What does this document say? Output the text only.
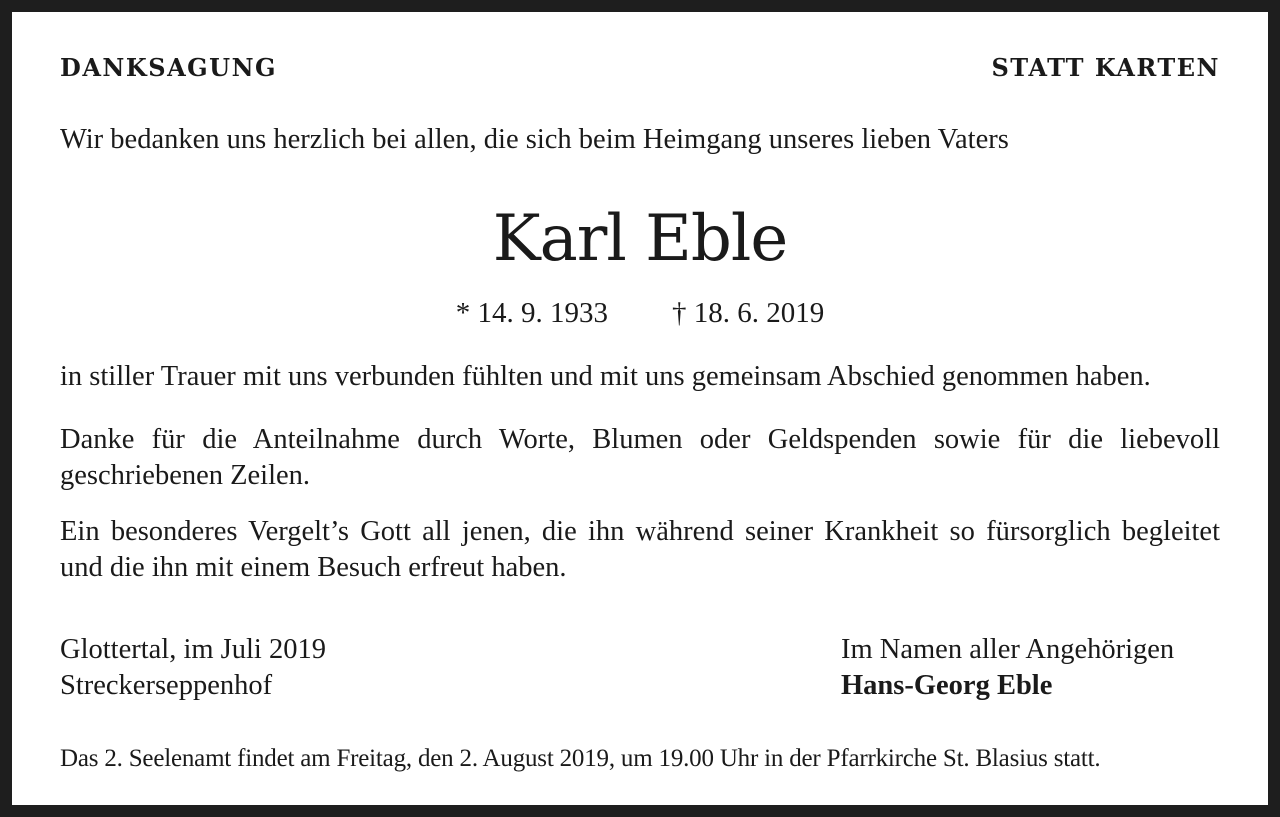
DANKSAGUNG	STATT KARTEN
Wir bedanken uns herzlich bei allen, die sich beim Heimgang unseres lieben Vaters
Karl Eble
* 14. 9. 1933 † 18. 6. 2019
in stiller Trauer mit uns verbunden fühlten und mit uns gemeinsam Abschied genommen haben.
Danke für die Anteilnahme durch Worte, Blumen oder Geldspenden sowie für die liebevoll
geschriebenen Zeilen.
Ein besonderes Vergelt’s Gott all jenen, die ihn während seiner Krankheit so fürsorglich begleitet
und die ihn mit einem Besuch erfreut haben.
Glottertal, im Juli 2019
Streckerseppenhof
Im Namen aller Angehörigen
Hans-Georg Eble
Das 2. Seelenamt findet am Freitag, den 2. August 2019, um 19.00 Uhr in der Pfarrkirche St. Blasius statt.
